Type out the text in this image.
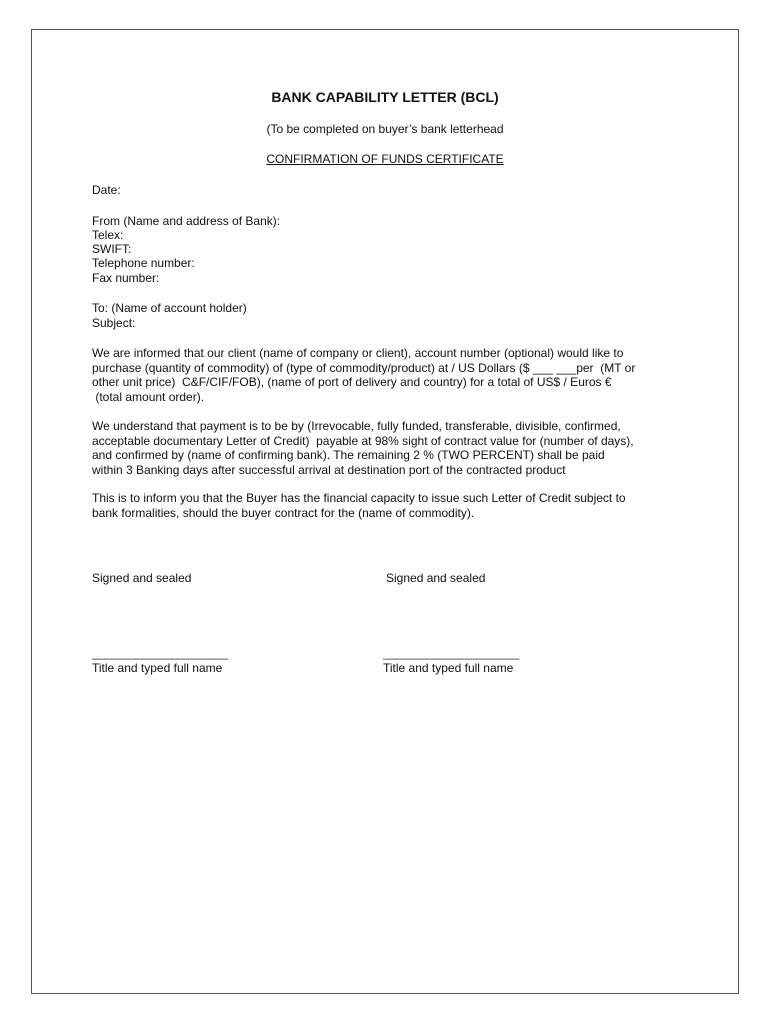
BANK CAPABILITY LETTER (BCL)
(To be completed on buyer’s bank letterhead
CONFIRMATION OF FUNDS CERTIFICATE
Date:
From (Name and address of Bank):
Telex:
SWIFT:
Telephone number:
Fax number:
To: (Name of account holder)
Subject:
We are informed that our client (name of company or client), account number (optional) would like to
purchase (quantity of commodity) of (type of commodity/product) at / US Dollars ($ ___ ___per  (MT or
other unit price)  C&F/CIF/FOB), (name of port of delivery and country) for a total of US$ / Euros €
(total amount order).
We understand that payment is to be by (Irrevocable, fully funded, transferable, divisible, confirmed,
acceptable documentary Letter of Credit)  payable at 98% sight of contract value for (number of days),
and confirmed by (name of confirming bank). The remaining 2 % (TWO PERCENT) shall be paid
within 3 Banking days after successful arrival at destination port of the contracted product
This is to inform you that the Buyer has the financial capacity to issue such Letter of Credit subject to
bank formalities, should the buyer contract for the (name of commodity).
Signed and sealed	Signed and sealed
______________________	______________________
Title and typed full name	Title and typed full name
